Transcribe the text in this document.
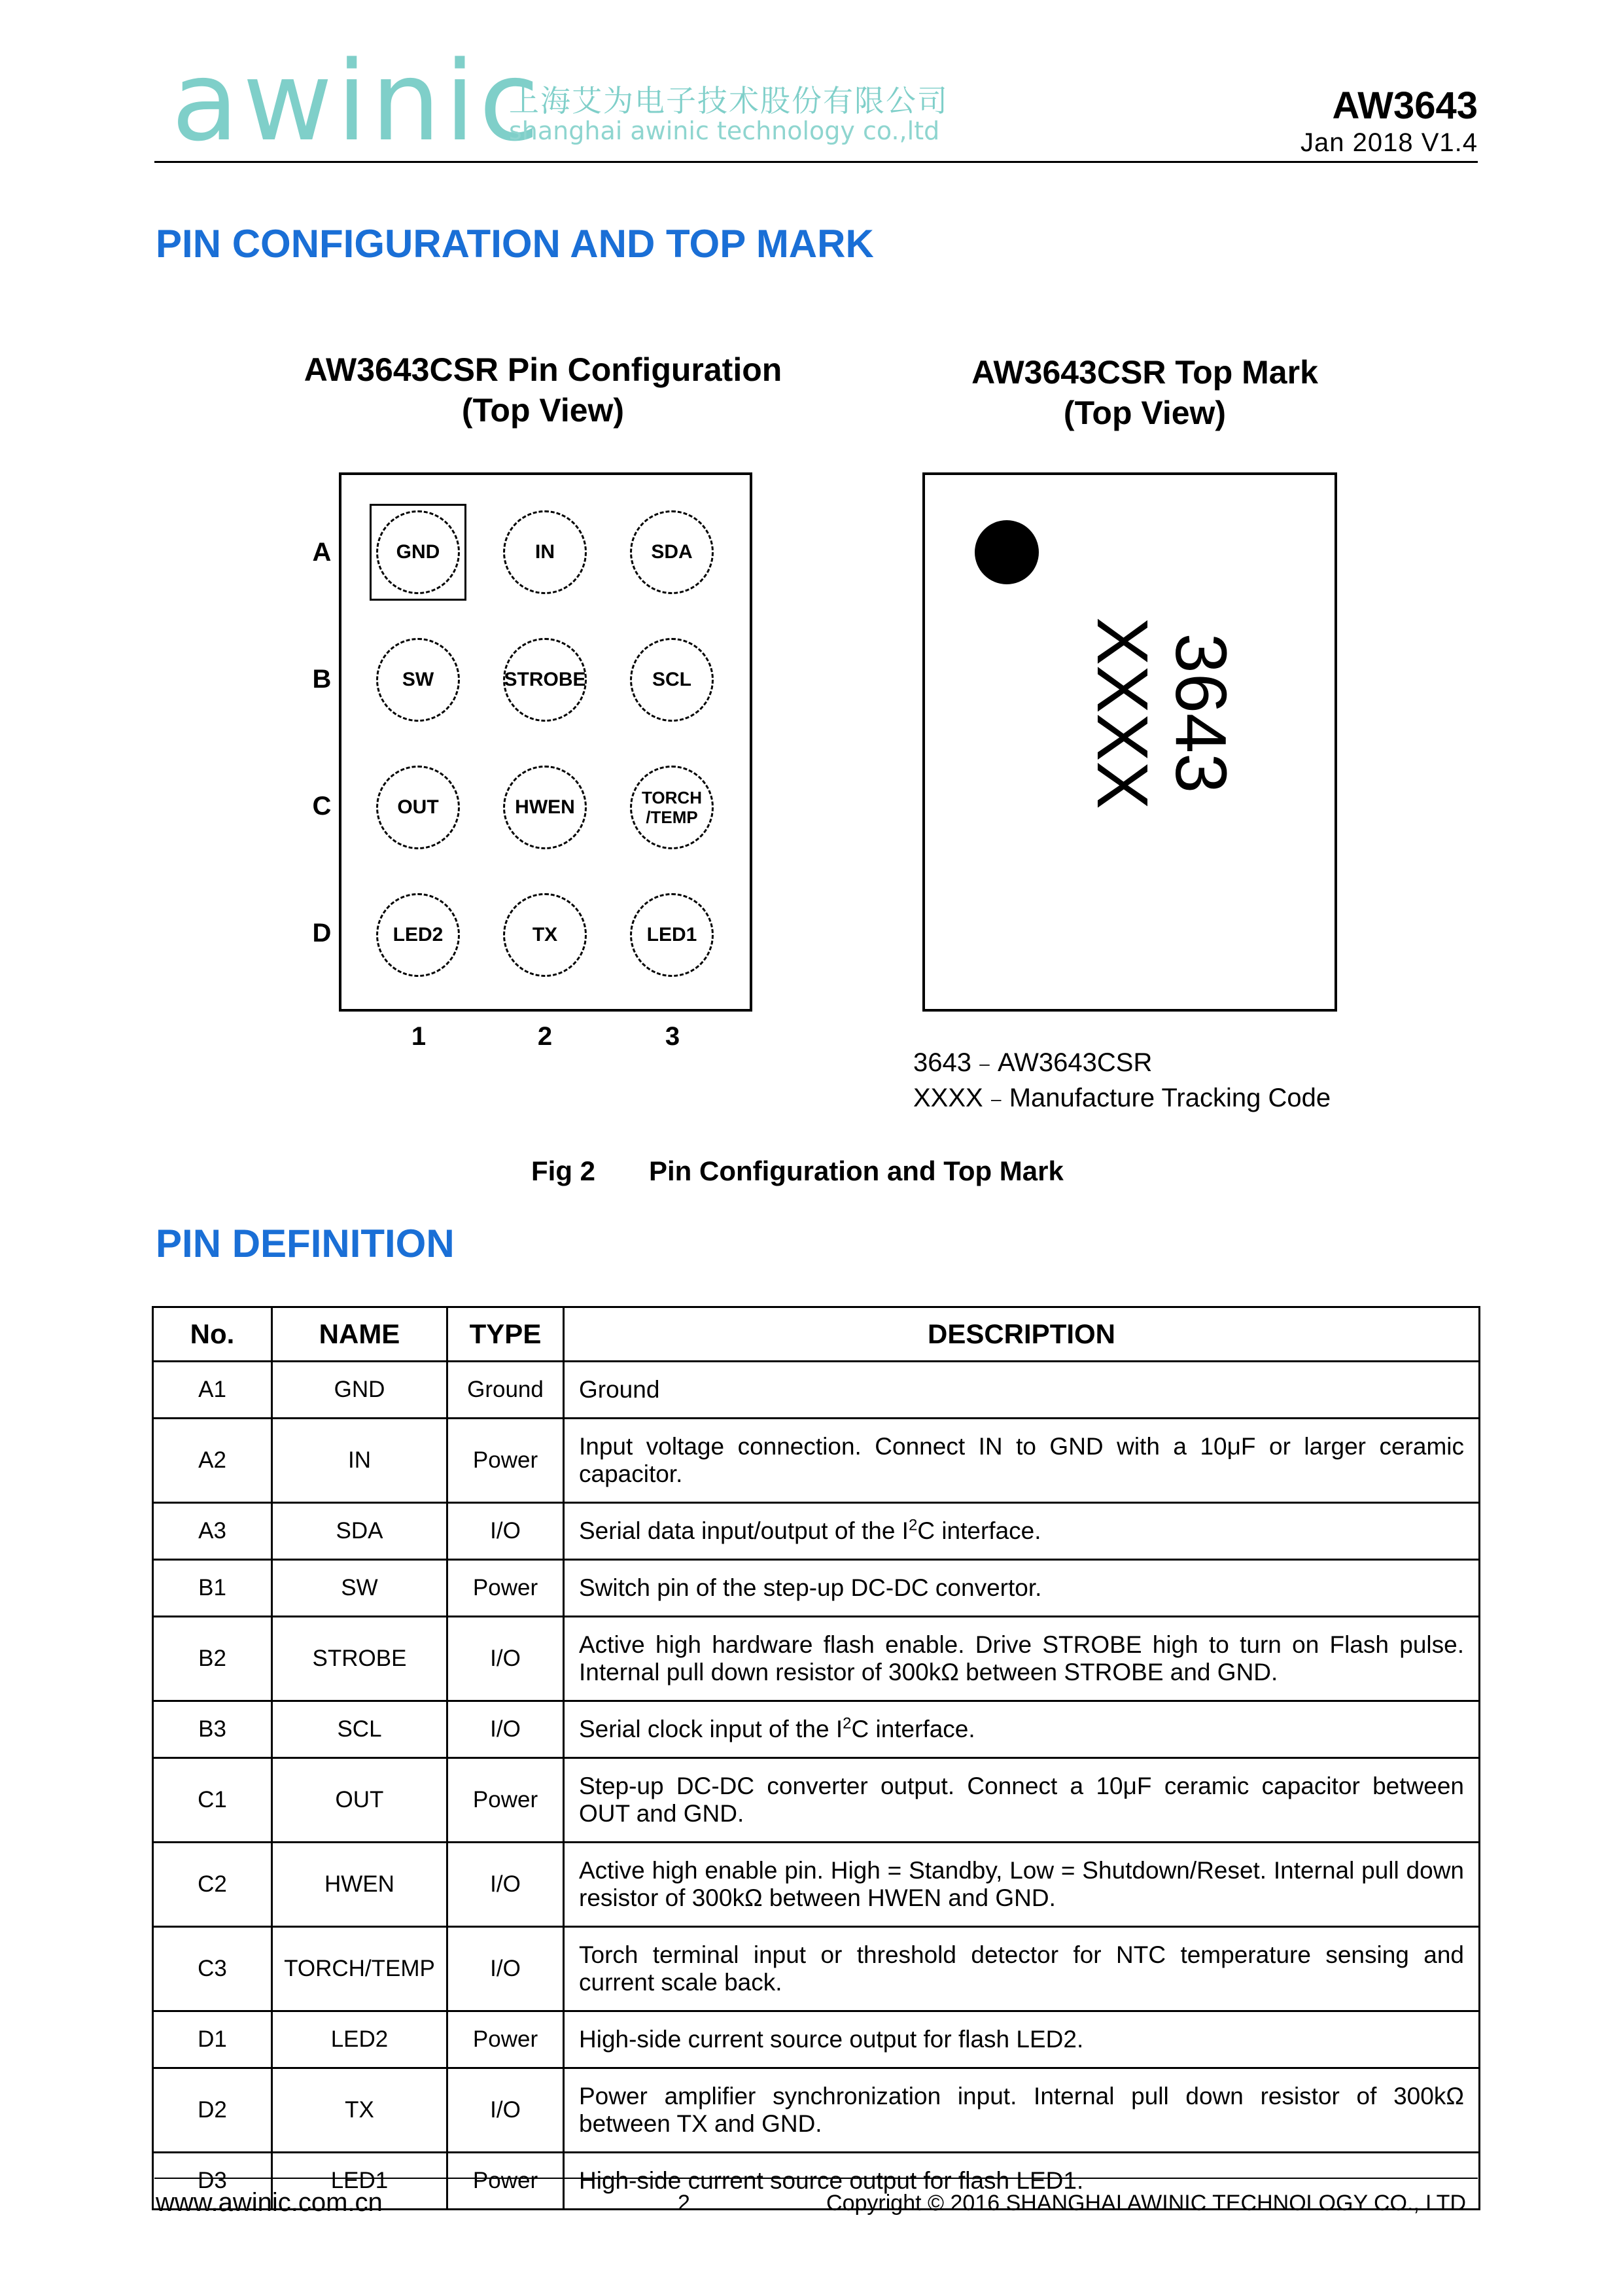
awinic
上海艾为电子技术股份有限公司
shanghai awinic technology co.,ltd
AW3643
Jan 2018 V1.4
PIN CONFIGURATION AND TOP MARK
AW3643CSR Pin Configuration
(Top View)
AW3643CSR Top Mark
(Top View)
A
B
C
D
1	2	3
GND	IN	SDA
SW	STROBE	SCL
OUT	HWEN	TORCH
/TEMP
LED2	TX	LED1
3643
XXXX
3643﹣AW3643CSR
XXXX﹣Manufacture Tracking Code
Fig 2 Pin Configuration and Top Mark
PIN DEFINITION
No.	NAME	TYPE	DESCRIPTION
A1	GND	Ground	Ground
A2	IN	Power	Input voltage connection. Connect IN to GND with a 10μF or larger ceramic capacitor.
A3	SDA	I/O	Serial data input/output of the $I^2C$ interface.
B1	SW	Power	Switch pin of the step-up DC-DC convertor.
B2	STROBE	I/O	Active high hardware flash enable. Drive STROBE high to turn on Flash pulse. Internal pull down resistor of 300kΩ between STROBE and GND.
B3	SCL	I/O	Serial clock input of the $I^2C$ interface.
C1	OUT	Power	Step-up DC-DC converter output. Connect a 10μF ceramic capacitor between OUT and GND.
C2	HWEN	I/O	Active high enable pin. High = Standby, Low = Shutdown/Reset. Internal pull down resistor of 300kΩ between HWEN and GND.
C3	TORCH/TEMP	I/O	Torch terminal input or threshold detector for NTC temperature sensing and current scale back.
D1	LED2	Power	High-side current source output for flash LED2.
D2	TX	I/O	Power amplifier synchronization input. Internal pull down resistor of 300kΩ between TX and GND.
D3	LED1	Power	High-side current source output for flash LED1.
www.awinic.com.cn	2	Copyright © 2016 SHANGHAI AWINIC TECHNOLOGY CO., LTD
